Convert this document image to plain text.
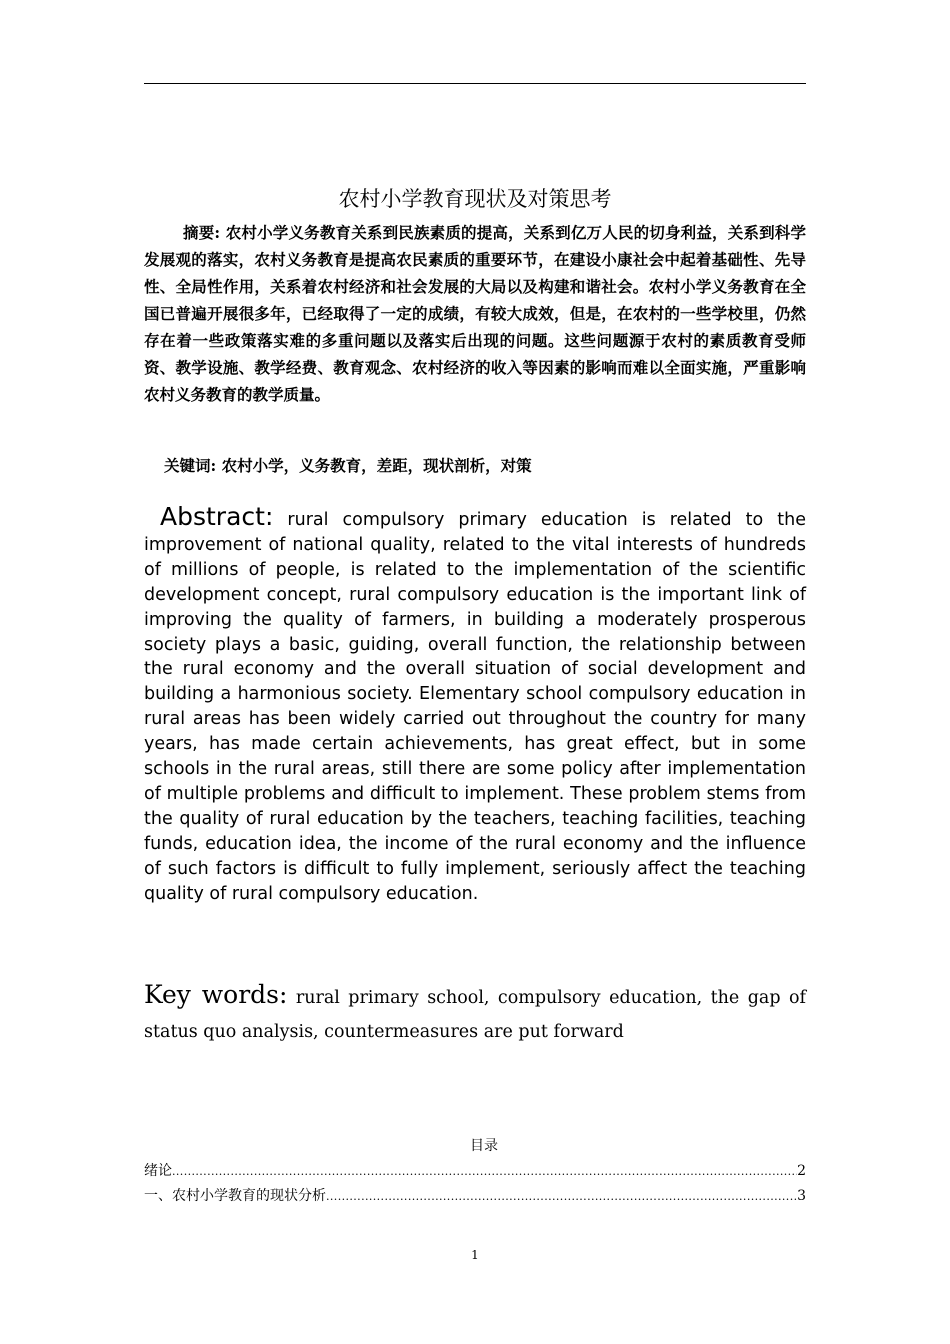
农村小学教育现状及对策思考

摘要: 农村小学义务教育关系到民族素质的提高，关系到亿万人民的切身利益，关系到科学发展观的落实，农村义务教育是提高农民素质的重要环节，在建设小康社会中起着基础性、先导性、全局性作用，关系着农村经济和社会发展的大局以及构建和谐社会。农村小学义务教育在全国已普遍开展很多年，已经取得了一定的成绩，有较大成效，但是，在农村的一些学校里，仍然存在着一些政策落实难的多重问题以及落实后出现的问题。这些问题源于农村的素质教育受师资、教学设施、教学经费、教育观念、农村经济的收入等因素的影响而难以全面实施，严重影响农村义务教育的教学质量。

关键词: 农村小学，义务教育，差距，现状剖析，对策

Abstract: rural compulsory primary education is related to the improvement of national quality, related to the vital interests of hundreds of millions of people, is related to the implementation of the scientific development concept, rural compulsory education is the important link of improving the quality of farmers, in building a moderately prosperous society plays a basic, guiding, overall function, the relationship between the rural economy and the overall situation of social development and building a harmonious society. Elementary school compulsory education in rural areas has been widely carried out throughout the country for many years, has made certain achievements, has great effect, but in some schools in the rural areas, still there are some policy after implementation of multiple problems and difficult to implement. These problem stems from the quality of rural education by the teachers, teaching facilities, teaching funds, education idea, the income of the rural economy and the influence of such factors is difficult to fully implement, seriously affect the teaching quality of rural compulsory education.

Key words: rural primary school, compulsory education, the gap of status quo analysis, countermeasures are put forward

目录
绪论 .....	2
一、农村小学教育的现状分析 .....	3
1
